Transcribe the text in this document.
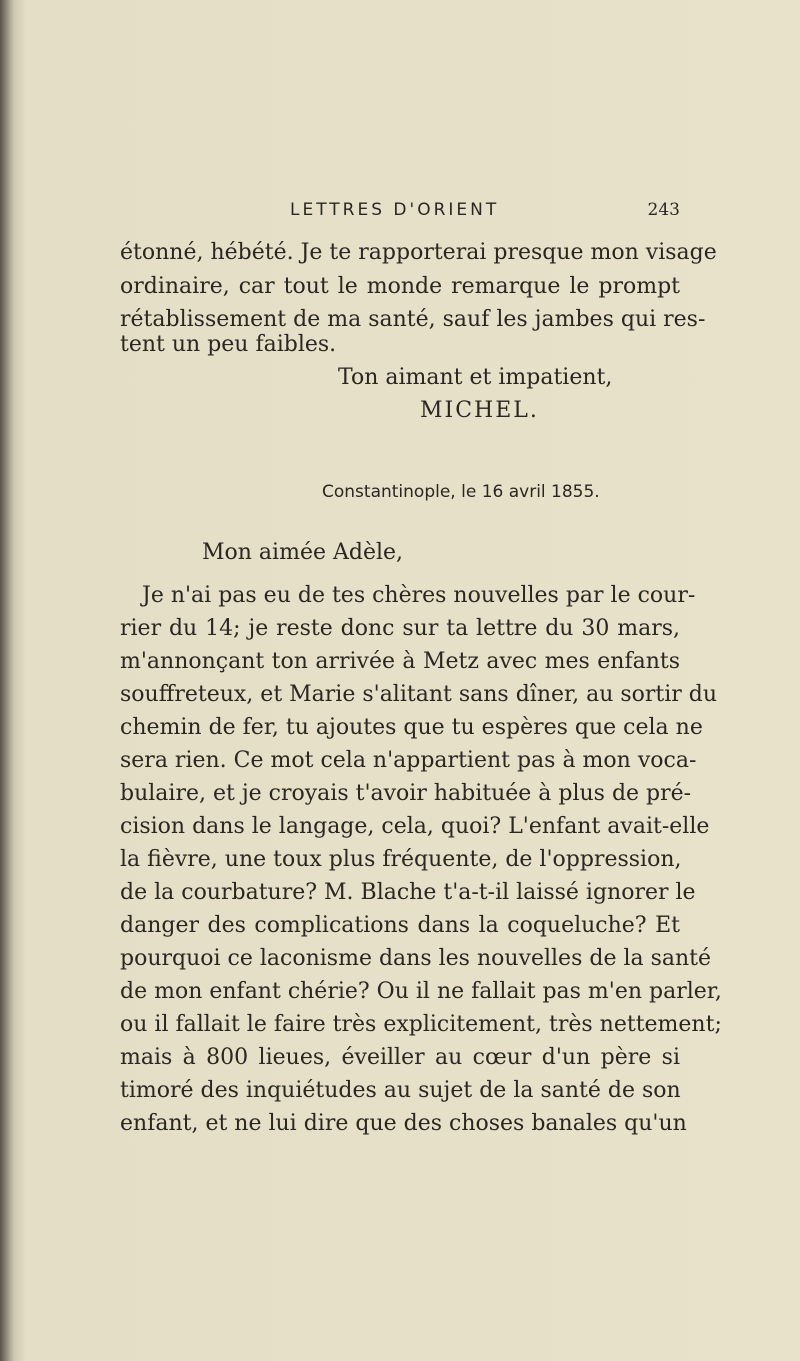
LETTRES D'ORIENT	243
étonné, hébété. Je te rapporterai presque mon visage
ordinaire, car tout le monde remarque le prompt
rétablissement de ma santé, sauf les jambes qui res-
tent un peu faibles.
Ton aimant et impatient,
MICHEL.
Constantinople, le 16 avril 1855.
Mon aimée Adèle,
Je n'ai pas eu de tes chères nouvelles par le cour-
rier du 14; je reste donc sur ta lettre du 30 mars,
m'annonçant ton arrivée à Metz avec mes enfants
souffreteux, et Marie s'alitant sans dîner, au sortir du
chemin de fer, tu ajoutes que tu espères que cela ne
sera rien. Ce mot cela n'appartient pas à mon voca-
bulaire, et je croyais t'avoir habituée à plus de pré-
cision dans le langage, cela, quoi? L'enfant avait-elle
la fièvre, une toux plus fréquente, de l'oppression,
de la courbature? M. Blache t'a-t-il laissé ignorer le
danger des complications dans la coqueluche? Et
pourquoi ce laconisme dans les nouvelles de la santé
de mon enfant chérie? Ou il ne fallait pas m'en parler,
ou il fallait le faire très explicitement, très nettement;
mais à 800 lieues, éveiller au cœur d'un père si
timoré des inquiétudes au sujet de la santé de son
enfant, et ne lui dire que des choses banales qu'un
